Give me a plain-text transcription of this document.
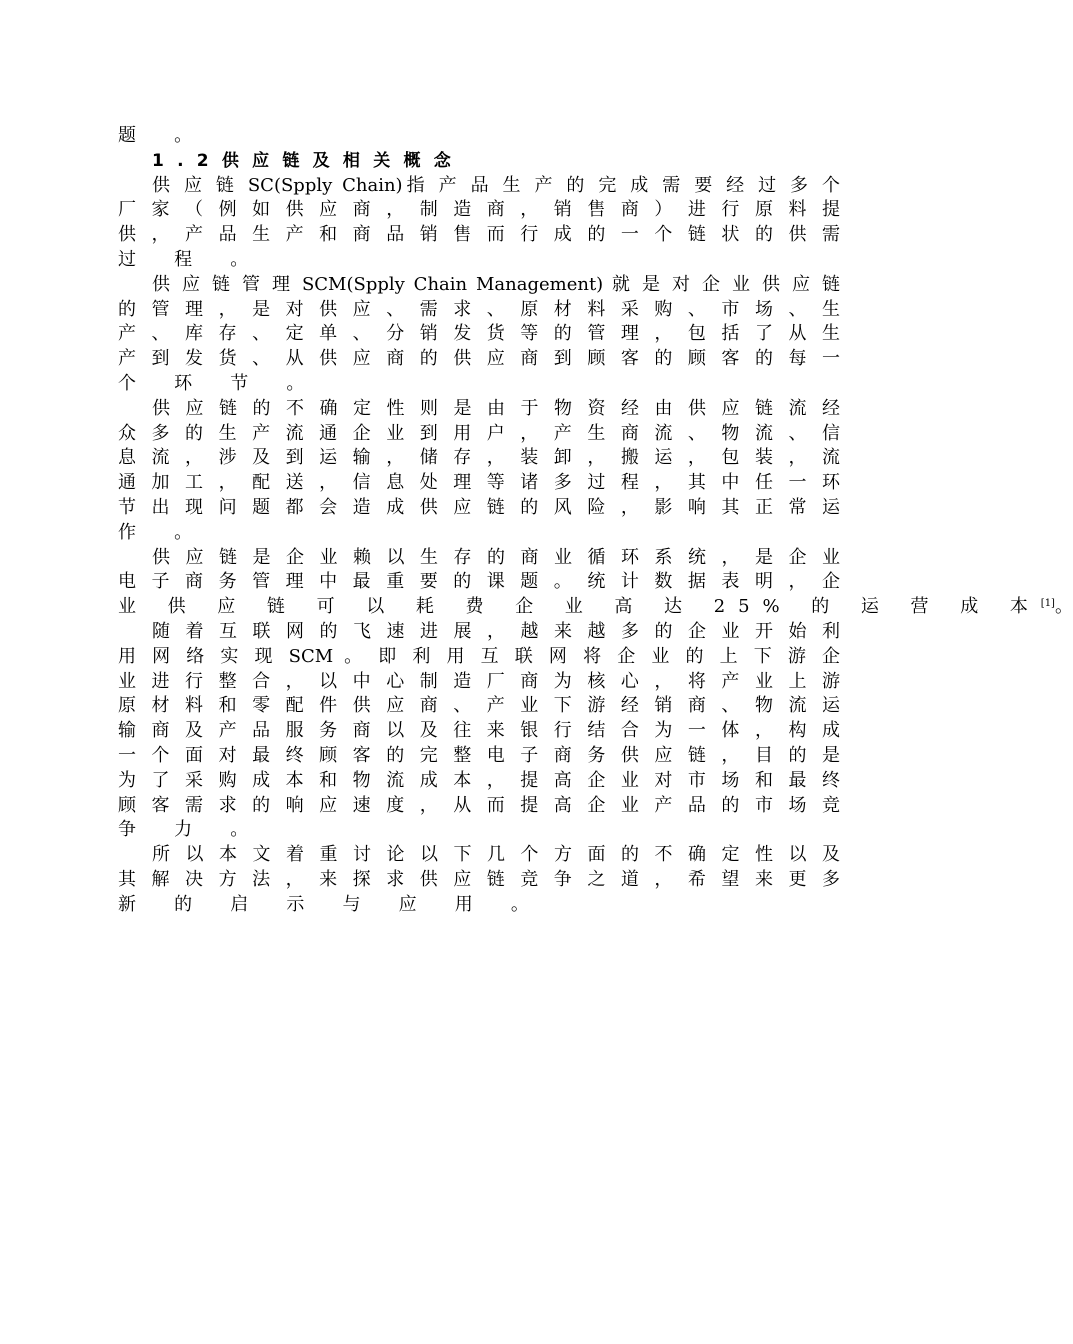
题 。
1.2供应链及相关概念
供 应 链 SC(Spply Chain)指 产 品 生 产 的 完 成 需 要 经 过 多 个
厂 家 （ 例 如 供 应 商 ， 制 造 商 ， 销 售 商 ） 进 行 原 料 提
供 ， 产 品 生 产 和 商 品 销 售 而 行 成 的 一 个 链 状 的 供 需
过 程 。
供 应 链 管 理 SCM(Spply Chain Management) 就 是 对 企 业 供 应 链
的 管 理 ， 是 对 供 应 、 需 求 、 原 材 料 采 购 、 市 场 、 生
产 、 库 存 、 定 单 、 分 销 发 货 等 的 管 理 ， 包 括 了 从 生
产 到 发 货 、 从 供 应 商 的 供 应 商 到 顾 客 的 顾 客 的 每 一
个 环 节 。
供 应 链 的 不 确 定 性 则 是 由 于 物 资 经 由 供 应 链 流 经
众 多 的 生 产 流 通 企 业 到 用 户 ， 产 生 商 流 、 物 流 、 信
息 流 ， 涉 及 到 运 输 ， 储 存 ， 装 卸 ， 搬 运 ， 包 装 ， 流
通 加 工 ， 配 送 ， 信 息 处 理 等 诸 多 过 程 ， 其 中 任 一 环
节 出 现 问 题 都 会 造 成 供 应 链 的 风 险 ， 影 响 其 正 常 运
作 。
供 应 链 是 企 业 赖 以 生 存 的 商 业 循 环 系 统 ， 是 企 业
电 子 商 务 管 理 中 最 重 要 的 课 题 。 统 计 数 据 表 明 ， 企
业 供 应 链 可 以 耗 费 企 业 高 达 25% 的 运 营 成 本[1]。
随 着 互 联 网 的 飞 速 进 展 ， 越 来 越 多 的 企 业 开 始 利
用 网 络 实 现 SCM 。 即 利 用 互 联 网 将 企 业 的 上 下 游 企
业 进 行 整 合 ， 以 中 心 制 造 厂 商 为 核 心 ， 将 产 业 上 游
原 材 料 和 零 配 件 供 应 商 、 产 业 下 游 经 销 商 、 物 流 运
输 商 及 产 品 服 务 商 以 及 往 来 银 行 结 合 为 一 体 ， 构 成
一 个 面 对 最 终 顾 客 的 完 整 电 子 商 务 供 应 链 ， 目 的 是
为 了 采 购 成 本 和 物 流 成 本 ， 提 高 企 业 对 市 场 和 最 终
顾 客 需 求 的 响 应 速 度 ， 从 而 提 高 企 业 产 品 的 市 场 竞
争 力 。
所 以 本 文 着 重 讨 论 以 下 几 个 方 面 的 不 确 定 性 以 及
其 解 决 方 法 ， 来 探 求 供 应 链 竞 争 之 道 ， 希 望 来 更 多
新 的 启 示 与 应 用 。
